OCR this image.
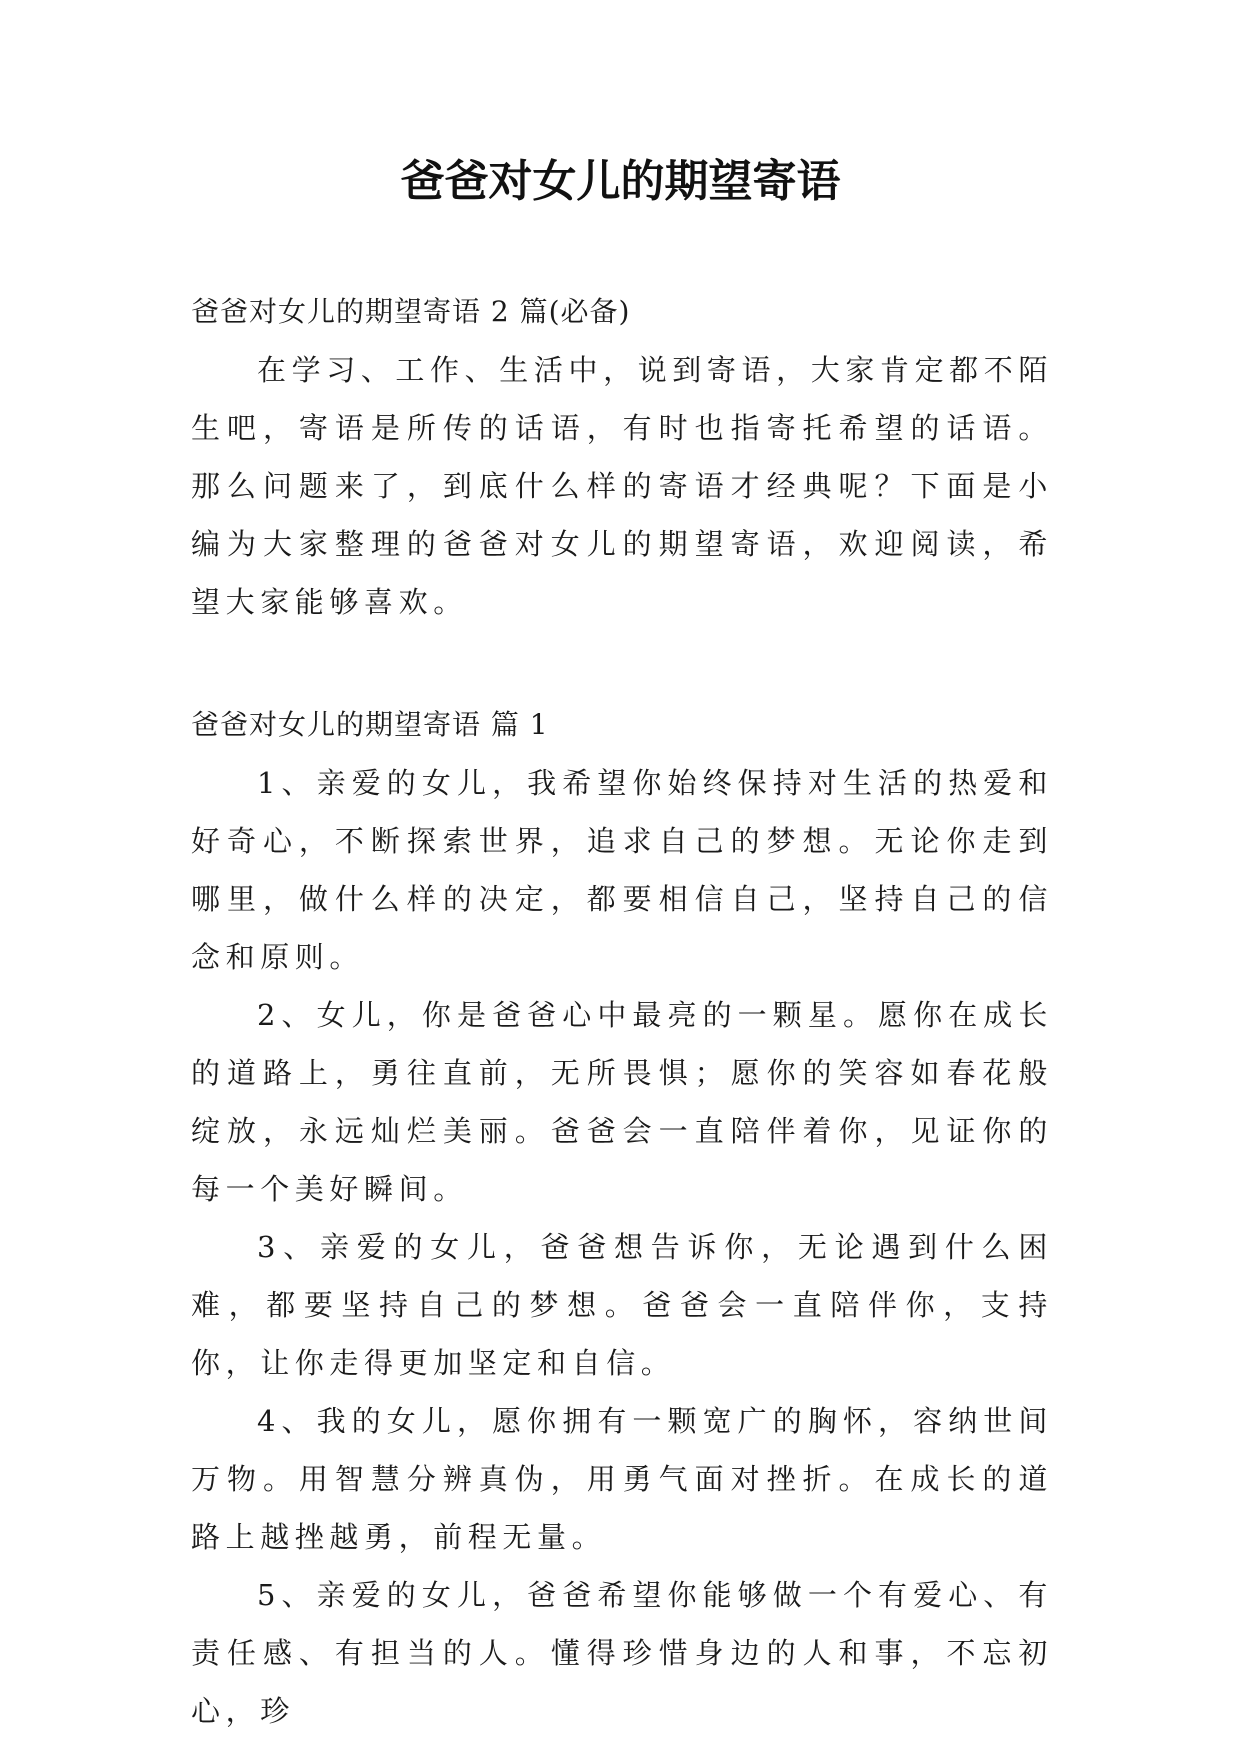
爸爸对女儿的期望寄语

爸爸对女儿的期望寄语 2 篇(必备)

在学习、工作、生活中，说到寄语，大家肯定都不陌生吧，寄语是所传的话语，有时也指寄托希望的话语。那么问题来了，到底什么样的寄语才经典呢？下面是小编为大家整理的爸爸对女儿的期望寄语，欢迎阅读，希望大家能够喜欢。

爸爸对女儿的期望寄语 篇 1

1、亲爱的女儿，我希望你始终保持对生活的热爱和好奇心，不断探索世界，追求自己的梦想。无论你走到哪里，做什么样的决定，都要相信自己，坚持自己的信念和原则。

2、女儿，你是爸爸心中最亮的一颗星。愿你在成长的道路上，勇往直前，无所畏惧；愿你的笑容如春花般绽放，永远灿烂美丽。爸爸会一直陪伴着你，见证你的每一个美好瞬间。

3、亲爱的女儿，爸爸想告诉你，无论遇到什么困难，都要坚持自己的梦想。爸爸会一直陪伴你，支持你，让你走得更加坚定和自信。

4、我的女儿，愿你拥有一颗宽广的胸怀，容纳世间万物。用智慧分辨真伪，用勇气面对挫折。在成长的道路上越挫越勇，前程无量。

5、亲爱的女儿，爸爸希望你能够做一个有爱心、有责任感、有担当的人。懂得珍惜身边的人和事，不忘初心，珍
